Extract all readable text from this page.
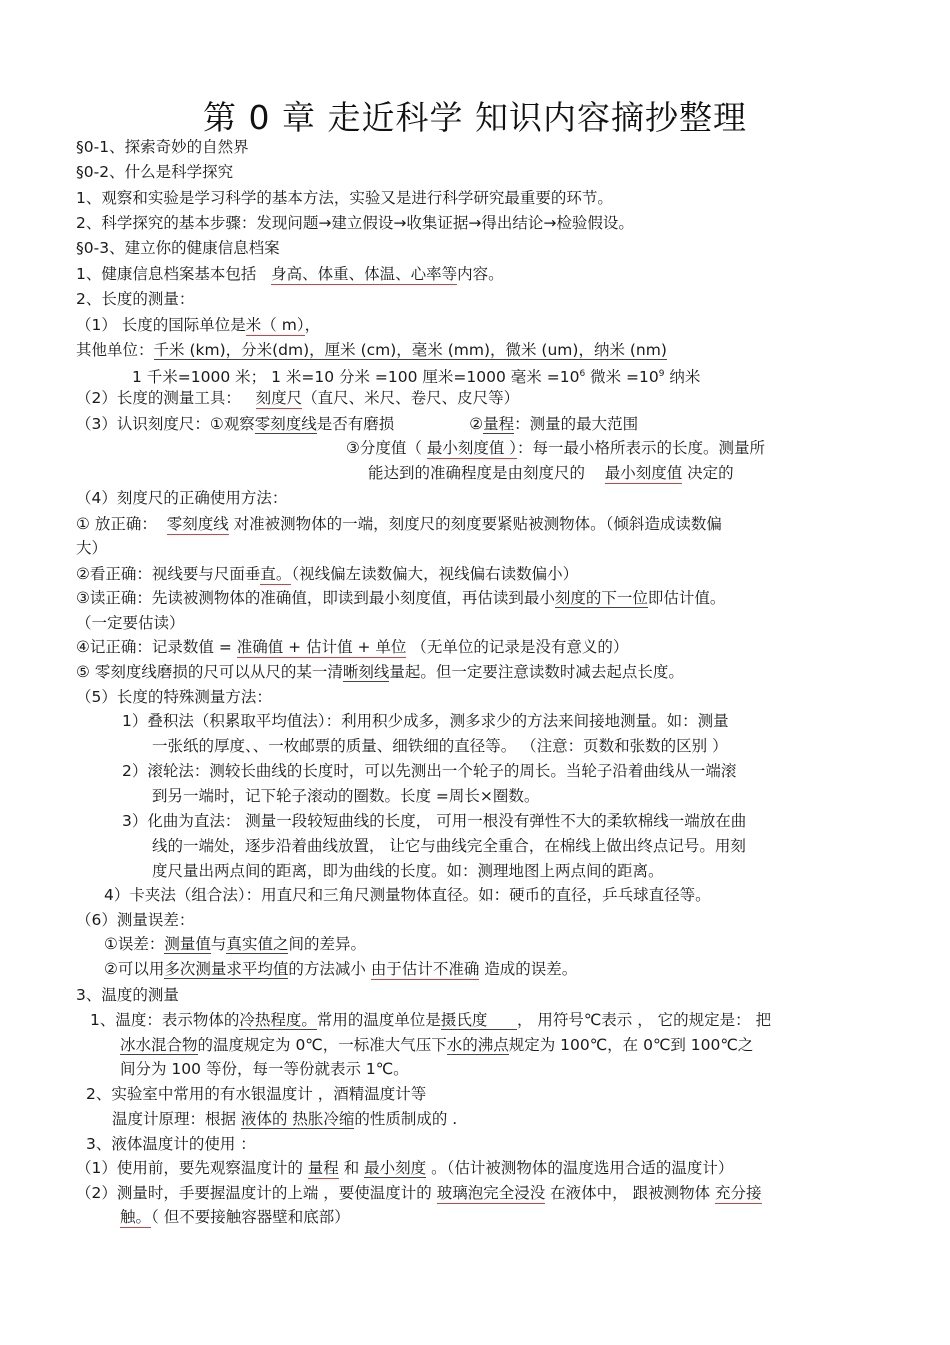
第 0 章 走近科学 知识内容摘抄整理
§0-1、探索奇妙的自然界
§0-2、什么是科学探究
1、观察和实验是学习科学的基本方法，实验又是进行科学研究最重要的环节。
2、科学探究的基本步骤：发现问题→建立假设→收集证据→得出结论→检验假设。
§0-3、建立你的健康信息档案
1、健康信息档案基本包括 身高、体重、体温、心率等内容。
2、长度的测量：
（1） 长度的国际单位是米（ m），
其他单位：千米 (km)，分米(dm)，厘米 (cm)，毫米 (mm)，微米 (um)，纳米 (nm)
1 千米=1000 米； 1 米=10 分米 =100 厘米=1000 毫米 $=10^6$ 微米 $=10^9$ 纳米
（2）长度的测量工具： 刻度尺（直尺、米尺、卷尺、皮尺等）
（3）认识刻度尺：①观察零刻度线是否有磨损	②量程：测量的最大范围
③分度值（ 最小刻度值 ）：每一最小格所表示的长度。测量所
能达到的准确程度是由刻度尺的 最小刻度值 决定的
（4）刻度尺的正确使用方法：
① 放正确： 零刻度线 对准被测物体的一端，刻度尺的刻度要紧贴被测物体。（倾斜造成读数偏
大）
②看正确：视线要与尺面垂直。（视线偏左读数偏大，视线偏右读数偏小）
③读正确：先读被测物体的准确值，即读到最小刻度值，再估读到最小刻度的下一位即估计值。
（一定要估读）
④记正确：记录数值 = 准确值 + 估计值 + 单位 （无单位的记录是没有意义的）
⑤ 零刻度线磨损的尺可以从尺的某一清晰刻线量起。但一定要注意读数时减去起点长度。
（5）长度的特殊测量方法：
1）叠积法（积累取平均值法）：利用积少成多，测多求少的方法来间接地测量。如：测量
一张纸的厚度、、一枚邮票的质量、细铁细的直径等。 （注意：页数和张数的区别 ）
2）滚轮法：测较长曲线的长度时，可以先测出一个轮子的周长。当轮子沿着曲线从一端滚
到另一端时，记下轮子滚动的圈数。长度 =周长×圈数。
3）化曲为直法： 测量一段较短曲线的长度， 可用一根没有弹性不大的柔软棉线一端放在曲
线的一端处，逐步沿着曲线放置， 让它与曲线完全重合，在棉线上做出终点记号。用刻
度尺量出两点间的距离，即为曲线的长度。如：测理地图上两点间的距离。
4）卡夹法（组合法）：用直尺和三角尺测量物体直径。如：硬币的直径，乒乓球直径等。
（6）测量误差：
①误差：测量值与真实值之间的差异。
②可以用多次测量求平均值的方法减小 由于估计不准确 造成的误差。
3、温度的测量
1、温度：表示物体的冷热程度。常用的温度单位是摄氏度      ， 用符号℃表示 ， 它的规定是： 把
冰水混合物的温度规定为 0℃，一标准大气压下水的沸点规定为 100℃，在 0℃到 100℃之
间分为 100 等份，每一等份就表示 1℃。
2、实验室中常用的有水银温度计 ，酒精温度计等
温度计原理：根据 液体的 热胀冷缩的性质制成的 .
3、液体温度计的使用 ：
（1）使用前，要先观察温度计的 量程 和 最小刻度 。（估计被测物体的温度选用合适的温度计）
（2）测量时，手要握温度计的上端 ，要使温度计的 玻璃泡完全浸没 在液体中， 跟被测物体 充分接
触。（ 但不要接触容器壁和底部）
